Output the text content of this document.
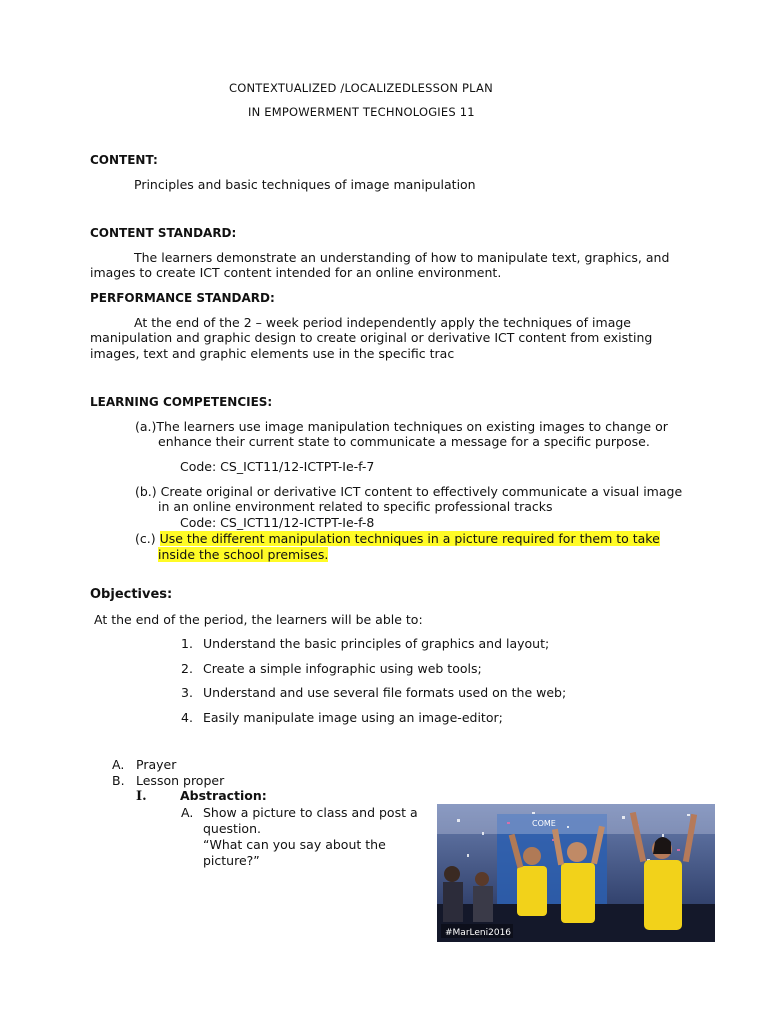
CONTEXTUALIZED /LOCALIZEDLESSON PLAN
IN EMPOWERMENT TECHNOLOGIES 11
CONTENT:
Principles and basic techniques of image manipulation
CONTENT STANDARD:
The learners demonstrate an understanding of how to manipulate text, graphics, and
images to create ICT content intended for an online environment.
PERFORMANCE STANDARD:
At the end of the 2 – week period independently apply the techniques of image
manipulation and graphic design to create original or derivative ICT content from existing
images, text and graphic elements use in the specific trac
LEARNING COMPETENCIES:
(a.)The learners use image manipulation techniques on existing images to change or
enhance their current state to communicate a message for a specific purpose.
Code: CS_ICT11/12-ICTPT-Ie-f-7
(b.) Create original or derivative ICT content to effectively communicate a visual image
in an online environment related to specific professional tracks
Code: CS_ICT11/12-ICTPT-Ie-f-8
(c.) Use the different manipulation techniques in a picture required for them to take
inside the school premises.
Objectives:
At the end of the period, the learners will be able to:
1. Understand the basic principles of graphics and layout;
2. Create a simple infographic using web tools;
3. Understand and use several file formats used on the web;
4. Easily manipulate image using an image-editor;
A. Prayer
B. Lesson proper
I.	Abstraction:
A. Show a picture to class and post a
question.
“What can you say about the
picture?”
COME
#MarLeni2016
